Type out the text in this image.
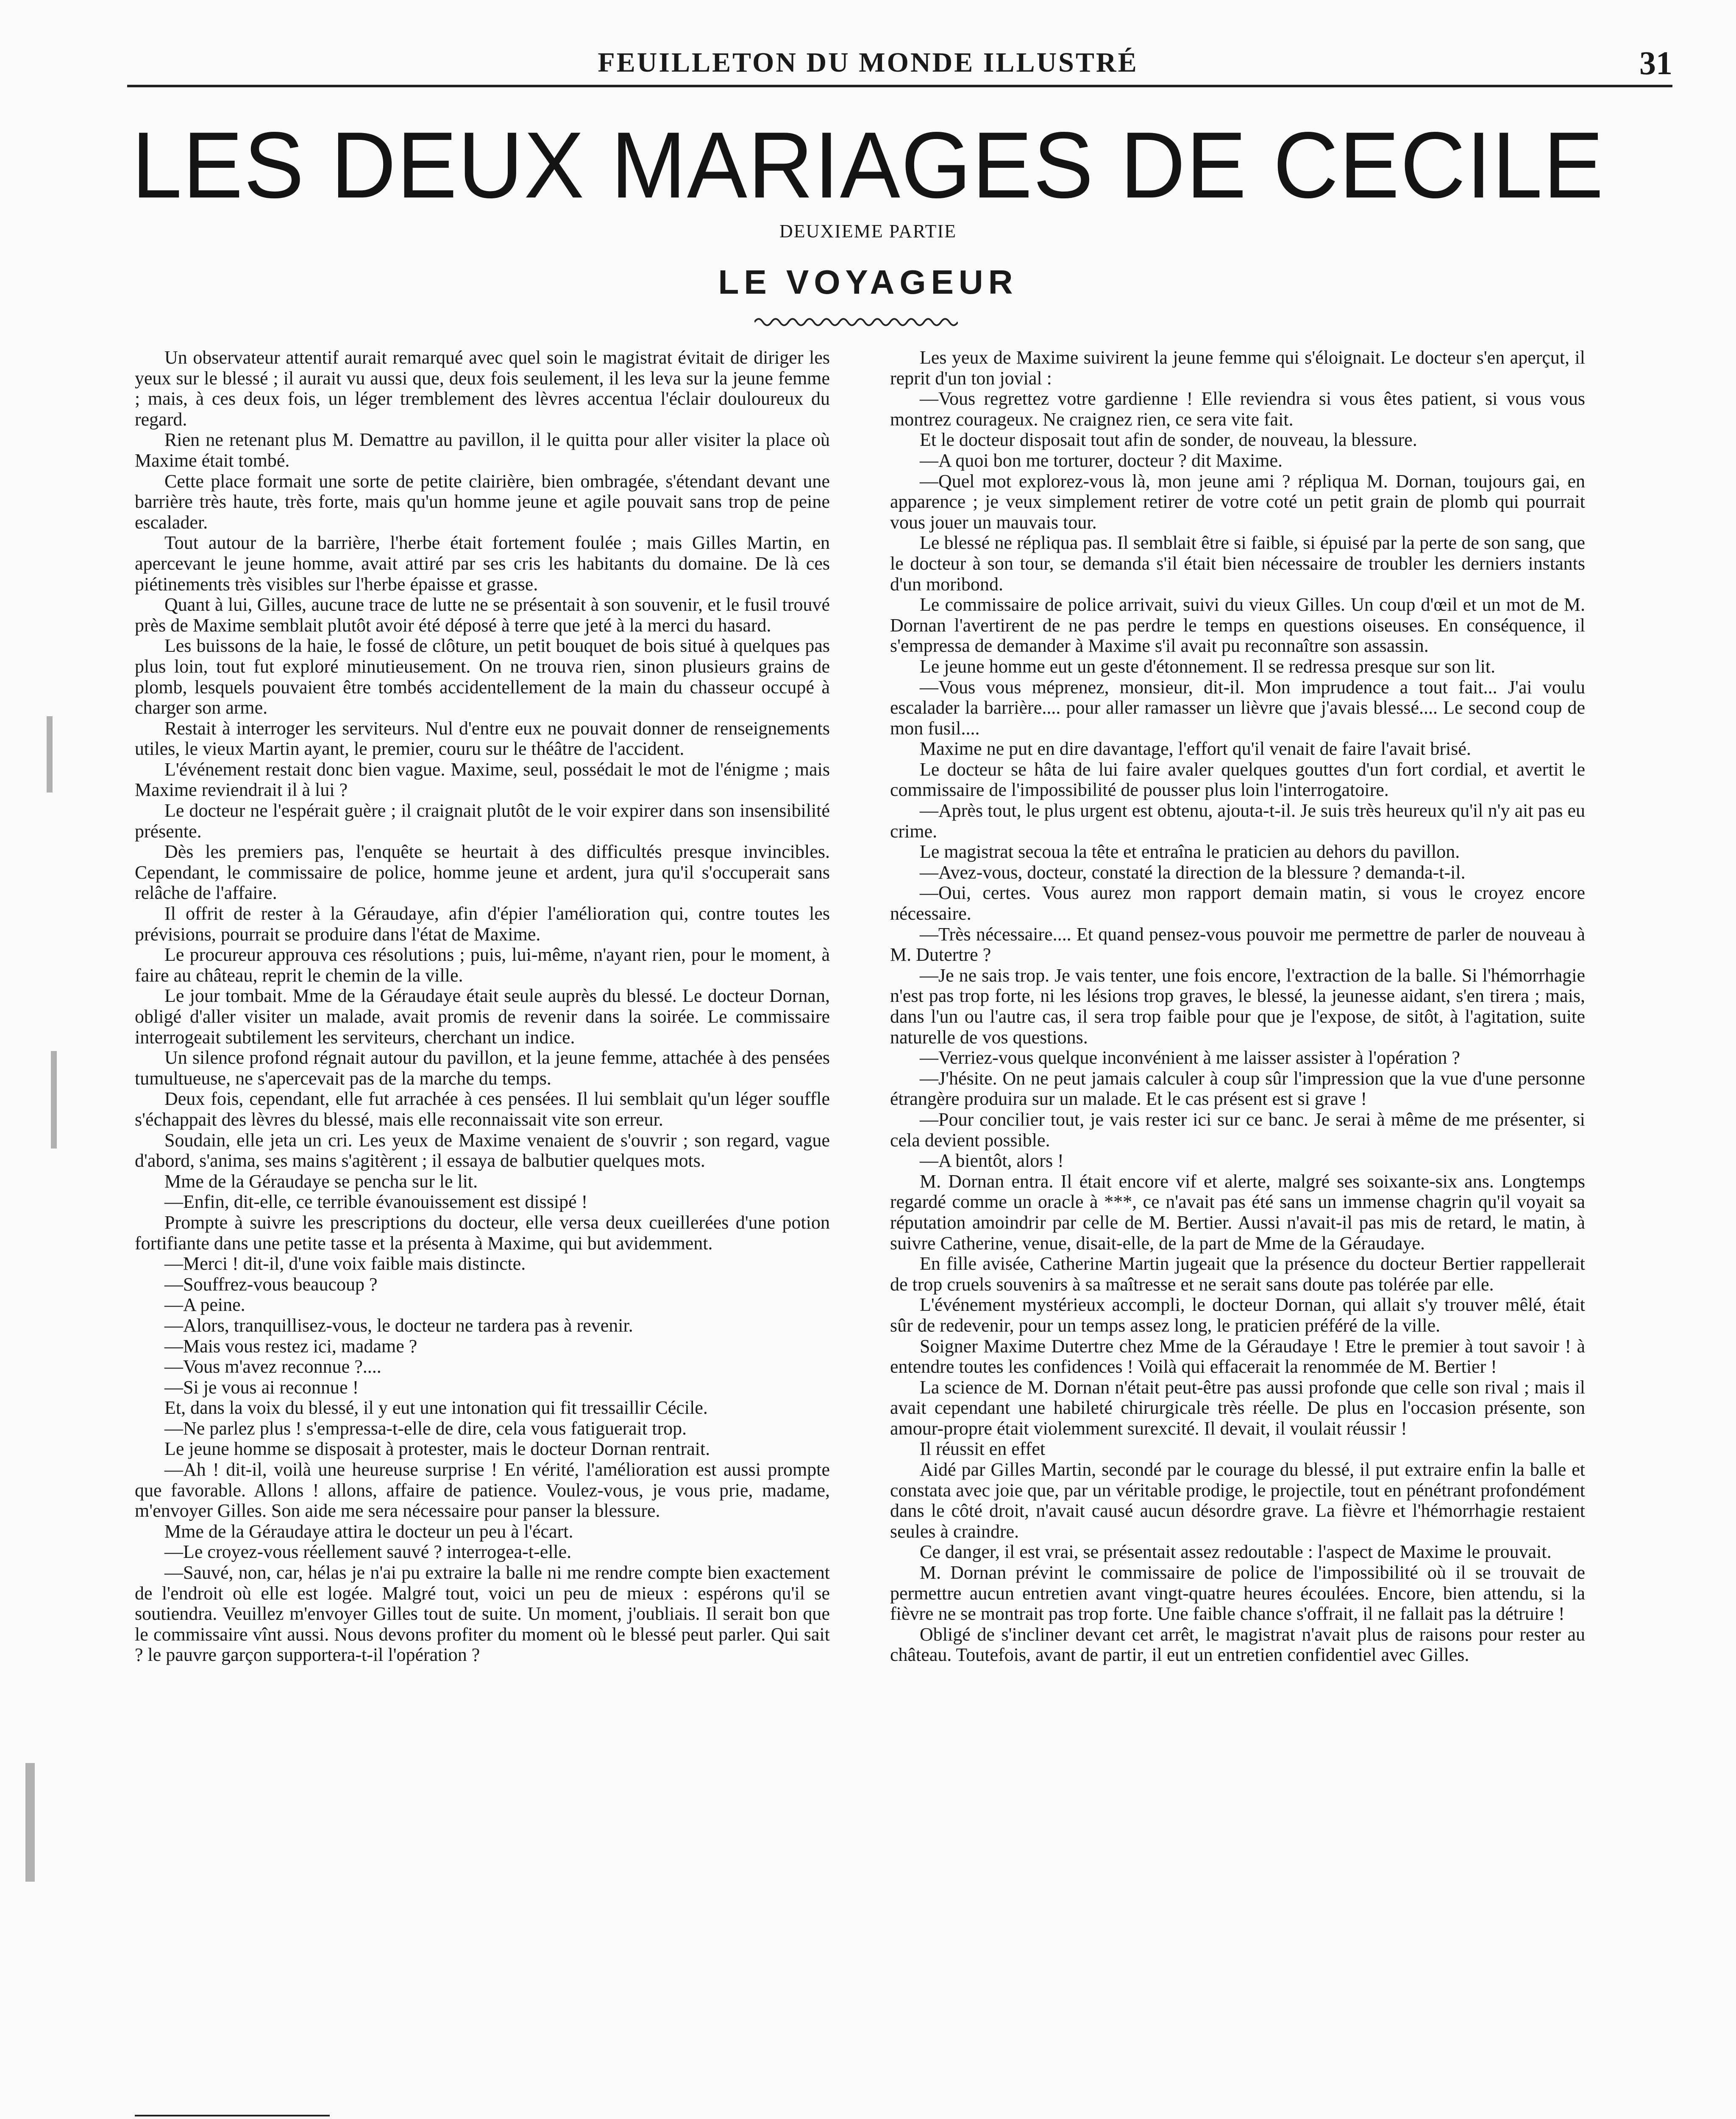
FEUILLETON DU MONDE ILLUSTRÉ	31
LES DEUX MARIAGES DE CECILE
DEUXIEME PARTIE
LE VOYAGEUR

Un observateur attentif aurait remarqué avec quel soin le magistrat évitait de diriger les yeux sur le blessé ; il aurait vu aussi que, deux fois seulement, il les leva sur la jeune femme ; mais, à ces deux fois, un léger tremblement des lèvres accentua l'éclair douloureux du regard.

Rien ne retenant plus M. Demattre au pavillon, il le quitta pour aller visiter la place où Maxime était tombé.

Cette place formait une sorte de petite clairière, bien ombragée, s'étendant devant une barrière très haute, très forte, mais qu'un homme jeune et agile pouvait sans trop de peine escalader.

Tout autour de la barrière, l'herbe était fortement foulée ; mais Gilles Martin, en apercevant le jeune homme, avait attiré par ses cris les habitants du domaine. De là ces piétinements très visibles sur l'herbe épaisse et grasse.

Quant à lui, Gilles, aucune trace de lutte ne se présentait à son souvenir, et le fusil trouvé près de Maxime semblait plutôt avoir été déposé à terre que jeté à la merci du hasard.

Les buissons de la haie, le fossé de clôture, un petit bouquet de bois situé à quelques pas plus loin, tout fut exploré minutieusement. On ne trouva rien, sinon plusieurs grains de plomb, lesquels pouvaient être tombés accidentellement de la main du chasseur occupé à charger son arme.

Restait à interroger les serviteurs. Nul d'entre eux ne pouvait donner de renseignements utiles, le vieux Martin ayant, le premier, couru sur le théâtre de l'accident.

L'événement restait donc bien vague. Maxime, seul, possédait le mot de l'énigme ; mais Maxime reviendrait il à lui ?

Le docteur ne l'espérait guère ; il craignait plutôt de le voir expirer dans son insensibilité présente.

Dès les premiers pas, l'enquête se heurtait à des difficultés presque invincibles. Cependant, le commissaire de police, homme jeune et ardent, jura qu'il s'occuperait sans relâche de l'affaire.

Il offrit de rester à la Géraudaye, afin d'épier l'amélioration qui, contre toutes les prévisions, pourrait se produire dans l'état de Maxime.

Le procureur approuva ces résolutions ; puis, lui-même, n'ayant rien, pour le moment, à faire au château, reprit le chemin de la ville.

Le jour tombait. Mme de la Géraudaye était seule auprès du blessé. Le docteur Dornan, obligé d'aller visiter un malade, avait promis de revenir dans la soirée. Le commissaire interrogeait subtilement les serviteurs, cherchant un indice.

Un silence profond régnait autour du pavillon, et la jeune femme, attachée à des pensées tumultueuse, ne s'apercevait pas de la marche du temps.

Deux fois, cependant, elle fut arrachée à ces pensées. Il lui semblait qu'un léger souffle s'échappait des lèvres du blessé, mais elle reconnaissait vite son erreur.

Soudain, elle jeta un cri. Les yeux de Maxime venaient de s'ouvrir ; son regard, vague d'abord, s'anima, ses mains s'agitèrent ; il essaya de balbutier quelques mots.

Mme de la Géraudaye se pencha sur le lit.

—Enfin, dit-elle, ce terrible évanouissement est dissipé !

Prompte à suivre les prescriptions du docteur, elle versa deux cueillerées d'une potion fortifiante dans une petite tasse et la présenta à Maxime, qui but avidemment.

—Merci ! dit-il, d'une voix faible mais distincte.

—Souffrez-vous beaucoup ?

—A peine.

—Alors, tranquillisez-vous, le docteur ne tardera pas à revenir.

—Mais vous restez ici, madame ?

—Vous m'avez reconnue ?....

—Si je vous ai reconnue !

Et, dans la voix du blessé, il y eut une intonation qui fit tressaillir Cécile.

—Ne parlez plus ! s'empressa-t-elle de dire, cela vous fatiguerait trop.

Le jeune homme se disposait à protester, mais le docteur Dornan rentrait.

—Ah ! dit-il, voilà une heureuse surprise ! En vérité, l'amélioration est aussi prompte que favorable. Allons ! allons, affaire de patience. Voulez-vous, je vous prie, madame, m'envoyer Gilles. Son aide me sera nécessaire pour panser la blessure.

Mme de la Géraudaye attira le docteur un peu à l'écart.

—Le croyez-vous réellement sauvé ? interrogea-t-elle.

—Sauvé, non, car, hélas je n'ai pu extraire la balle ni me rendre compte bien exactement de l'endroit où elle est logée. Malgré tout, voici un peu de mieux : espérons qu'il se soutiendra. Veuillez m'envoyer Gilles tout de suite. Un moment, j'oubliais. Il serait bon que le commissaire vînt aussi. Nous devons profiter du moment où le blessé peut parler. Qui sait ? le pauvre garçon supportera-t-il l'opération ?

Les yeux de Maxime suivirent la jeune femme qui s'éloignait. Le docteur s'en aperçut, il reprit d'un ton jovial :

—Vous regrettez votre gardienne ! Elle reviendra si vous êtes patient, si vous vous montrez courageux. Ne craignez rien, ce sera vite fait.

Et le docteur disposait tout afin de sonder, de nouveau, la blessure.

—A quoi bon me torturer, docteur ? dit Maxime.

—Quel mot explorez-vous là, mon jeune ami ? répliqua M. Dornan, toujours gai, en apparence ; je veux simplement retirer de votre coté un petit grain de plomb qui pourrait vous jouer un mauvais tour.

Le blessé ne répliqua pas. Il semblait être si faible, si épuisé par la perte de son sang, que le docteur à son tour, se demanda s'il était bien nécessaire de troubler les derniers instants d'un moribond.

Le commissaire de police arrivait, suivi du vieux Gilles. Un coup d'œil et un mot de M. Dornan l'avertirent de ne pas perdre le temps en questions oiseuses. En conséquence, il s'empressa de demander à Maxime s'il avait pu reconnaître son assassin.

Le jeune homme eut un geste d'étonnement. Il se redressa presque sur son lit.

—Vous vous méprenez, monsieur, dit-il. Mon imprudence a tout fait... J'ai voulu escalader la barrière.... pour aller ramasser un lièvre que j'avais blessé.... Le second coup de mon fusil....

Maxime ne put en dire davantage, l'effort qu'il venait de faire l'avait brisé.

Le docteur se hâta de lui faire avaler quelques gouttes d'un fort cordial, et avertit le commissaire de l'impossibilité de pousser plus loin l'interrogatoire.

—Après tout, le plus urgent est obtenu, ajouta-t-il. Je suis très heureux qu'il n'y ait pas eu crime.

Le magistrat secoua la tête et entraîna le praticien au dehors du pavillon.

—Avez-vous, docteur, constaté la direction de la blessure ? demanda-t-il.

—Oui, certes. Vous aurez mon rapport demain matin, si vous le croyez encore nécessaire.

—Très nécessaire.... Et quand pensez-vous pouvoir me permettre de parler de nouveau à M. Dutertre ?

—Je ne sais trop. Je vais tenter, une fois encore, l'extraction de la balle. Si l'hémorrhagie n'est pas trop forte, ni les lésions trop graves, le blessé, la jeunesse aidant, s'en tirera ; mais, dans l'un ou l'autre cas, il sera trop faible pour que je l'expose, de sitôt, à l'agitation, suite naturelle de vos questions.

—Verriez-vous quelque inconvénient à me laisser assister à l'opération ?

—J'hésite. On ne peut jamais calculer à coup sûr l'impression que la vue d'une personne étrangère produira sur un malade. Et le cas présent est si grave !

—Pour concilier tout, je vais rester ici sur ce banc. Je serai à même de me présenter, si cela devient possible.

—A bientôt, alors !

M. Dornan entra. Il était encore vif et alerte, malgré ses soixante-six ans. Longtemps regardé comme un oracle à ***, ce n'avait pas été sans un immense chagrin qu'il voyait sa réputation amoindrir par celle de M. Bertier. Aussi n'avait-il pas mis de retard, le matin, à suivre Catherine, venue, disait-elle, de la part de Mme de la Géraudaye.

En fille avisée, Catherine Martin jugeait que la présence du docteur Bertier rappellerait de trop cruels souvenirs à sa maîtresse et ne serait sans doute pas tolérée par elle.

L'événement mystérieux accompli, le docteur Dornan, qui allait s'y trouver mêlé, était sûr de redevenir, pour un temps assez long, le praticien préféré de la ville.

Soigner Maxime Dutertre chez Mme de la Géraudaye ! Etre le premier à tout savoir ! à entendre toutes les confidences ! Voilà qui effacerait la renommée de M. Bertier !

La science de M. Dornan n'était peut-être pas aussi profonde que celle son rival ; mais il avait cependant une habileté chirurgicale très réelle. De plus en l'occasion présente, son amour-propre était violemment surexcité. Il devait, il voulait réussir !

Il réussit en effet

Aidé par Gilles Martin, secondé par le courage du blessé, il put extraire enfin la balle et constata avec joie que, par un véritable prodige, le projectile, tout en pénétrant profondément dans le côté droit, n'avait causé aucun désordre grave. La fièvre et l'hémorrhagie restaient seules à craindre.

Ce danger, il est vrai, se présentait assez redoutable : l'aspect de Maxime le prouvait.

M. Dornan prévint le commissaire de police de l'impossibilité où il se trouvait de permettre aucun entretien avant vingt-quatre heures écoulées. Encore, bien attendu, si la fièvre ne se montrait pas trop forte. Une faible chance s'offrait, il ne fallait pas la détruire !

Obligé de s'incliner devant cet arrêt, le magistrat n'avait plus de raisons pour rester au château. Toutefois, avant de partir, il eut un entretien confidentiel avec Gilles.
